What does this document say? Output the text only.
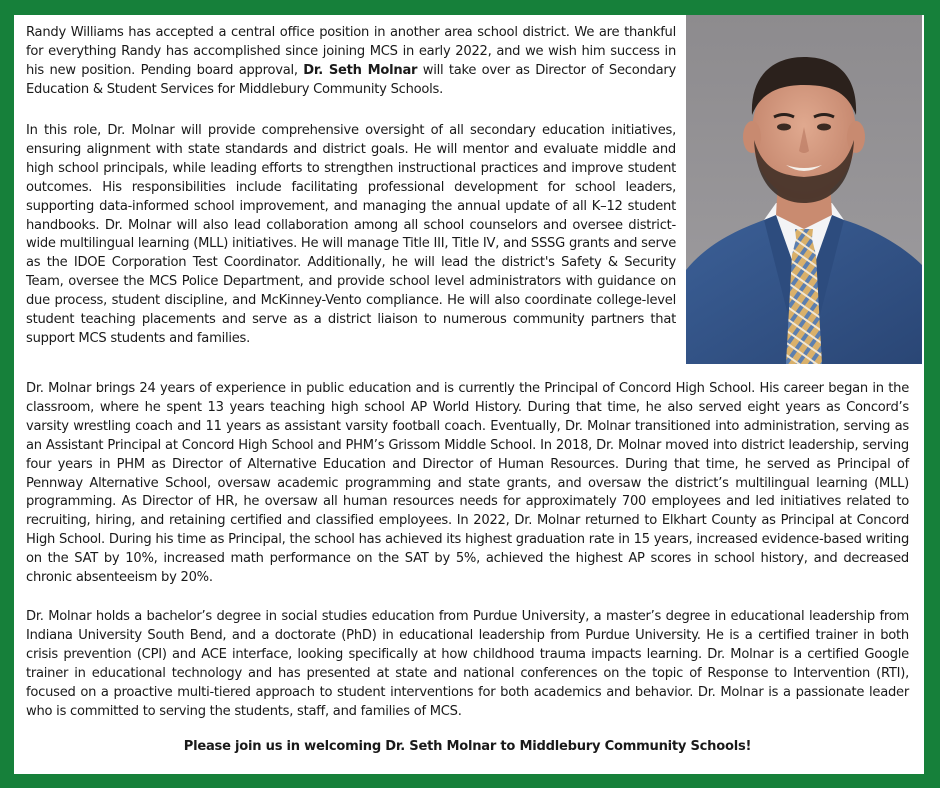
Randy Williams has accepted a central office position in another area school district. We are thankful for everything Randy has accomplished since joining MCS in early 2022, and we wish him success in his new position. Pending board approval, Dr. Seth Molnar will take over as Director of Secondary Education & Student Services for Middlebury Community Schools.

In this role, Dr. Molnar will provide comprehensive oversight of all secondary education initiatives, ensuring alignment with state standards and district goals. He will mentor and evaluate middle and high school principals, while leading efforts to strengthen instructional practices and improve student outcomes. His responsibilities include facilitating professional development for school leaders, supporting data-informed school improvement, and managing the annual update of all K–12 student handbooks. Dr. Molnar will also lead collaboration among all school counselors and oversee district-wide multilingual learning (MLL) initiatives. He will manage Title III, Title IV, and SSSG grants and serve as the IDOE Corporation Test Coordinator. Additionally, he will lead the district's Safety & Security Team, oversee the MCS Police Department, and provide school level administrators with guidance on due process, student discipline, and McKinney-Vento compliance. He will also coordinate college-level student teaching placements and serve as a district liaison to numerous community partners that support MCS students and families.

Dr. Molnar brings 24 years of experience in public education and is currently the Principal of Concord High School. His career began in the classroom, where he spent 13 years teaching high school AP World History. During that time, he also served eight years as Concord’s varsity wrestling coach and 11 years as assistant varsity football coach. Eventually, Dr. Molnar transitioned into administration, serving as an Assistant Principal at Concord High School and PHM’s Grissom Middle School. In 2018, Dr. Molnar moved into district leadership, serving four years in PHM as Director of Alternative Education and Director of Human Resources. During that time, he served as Principal of Pennway Alternative School, oversaw academic programming and state grants, and oversaw the district’s multilingual learning (MLL) programming. As Director of HR, he oversaw all human resources needs for approximately 700 employees and led initiatives related to recruiting, hiring, and retaining certified and classified employees. In 2022, Dr. Molnar returned to Elkhart County as Principal at Concord High School. During his time as Principal, the school has achieved its highest graduation rate in 15 years, increased evidence-based writing on the SAT by 10%, increased math performance on the SAT by 5%, achieved the highest AP scores in school history, and decreased chronic absenteeism by 20%.

Dr. Molnar holds a bachelor’s degree in social studies education from Purdue University, a master’s degree in educational leadership from Indiana University South Bend, and a doctorate (PhD) in educational leadership from Purdue University. He is a certified trainer in both crisis prevention (CPI) and ACE interface, looking specifically at how childhood trauma impacts learning. Dr. Molnar is a certified Google trainer in educational technology and has presented at state and national conferences on the topic of Response to Intervention (RTI), focused on a proactive multi-tiered approach to student interventions for both academics and behavior. Dr. Molnar is a passionate leader who is committed to serving the students, staff, and families of MCS.

Please join us in welcoming Dr. Seth Molnar to Middlebury Community Schools!
